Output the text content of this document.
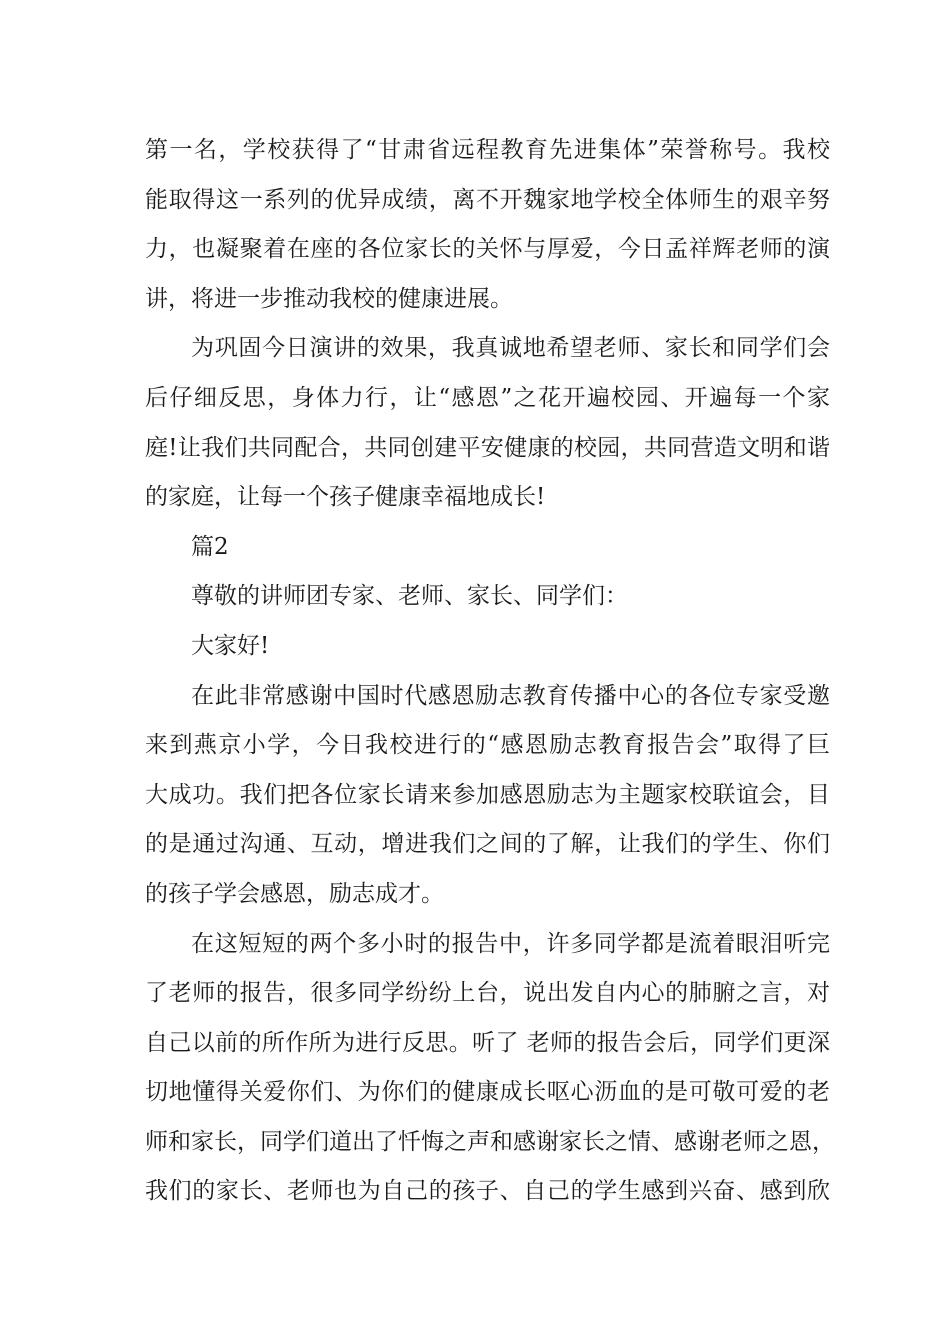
第一名，学校获得了“甘肃省远程教育先进集体”荣誉称号。我校
能取得这一系列的优异成绩，离不开魏家地学校全体师生的艰辛努
力，也凝聚着在座的各位家长的关怀与厚爱，今日孟祥辉老师的演
讲，将进一步推动我校的健康进展。

为巩固今日演讲的效果，我真诚地希望老师、家长和同学们会
后仔细反思，身体力行，让“感恩”之花开遍校园、开遍每一个家
庭!让我们共同配合，共同创建平安健康的校园，共同营造文明和谐
的家庭，让每一个孩子健康幸福地成长!

篇2

尊敬的讲师团专家、老师、家长、同学们：

大家好!

在此非常感谢中国时代感恩励志教育传播中心的各位专家受邀
来到燕京小学，今日我校进行的“感恩励志教育报告会”取得了巨
大成功。我们把各位家长请来参加感恩励志为主题家校联谊会，目
的是通过沟通、互动，增进我们之间的了解，让我们的学生、你们
的孩子学会感恩，励志成才。

在这短短的两个多小时的报告中，许多同学都是流着眼泪听完
了老师的报告，很多同学纷纷上台，说出发自内心的肺腑之言，对
自己以前的所作所为进行反思。听了 老师的报告会后，同学们更深
切地懂得关爱你们、为你们的健康成长呕心沥血的是可敬可爱的老
师和家长，同学们道出了忏悔之声和感谢家长之情、感谢老师之恩，
我们的家长、老师也为自己的孩子、自己的学生感到兴奋、感到欣
